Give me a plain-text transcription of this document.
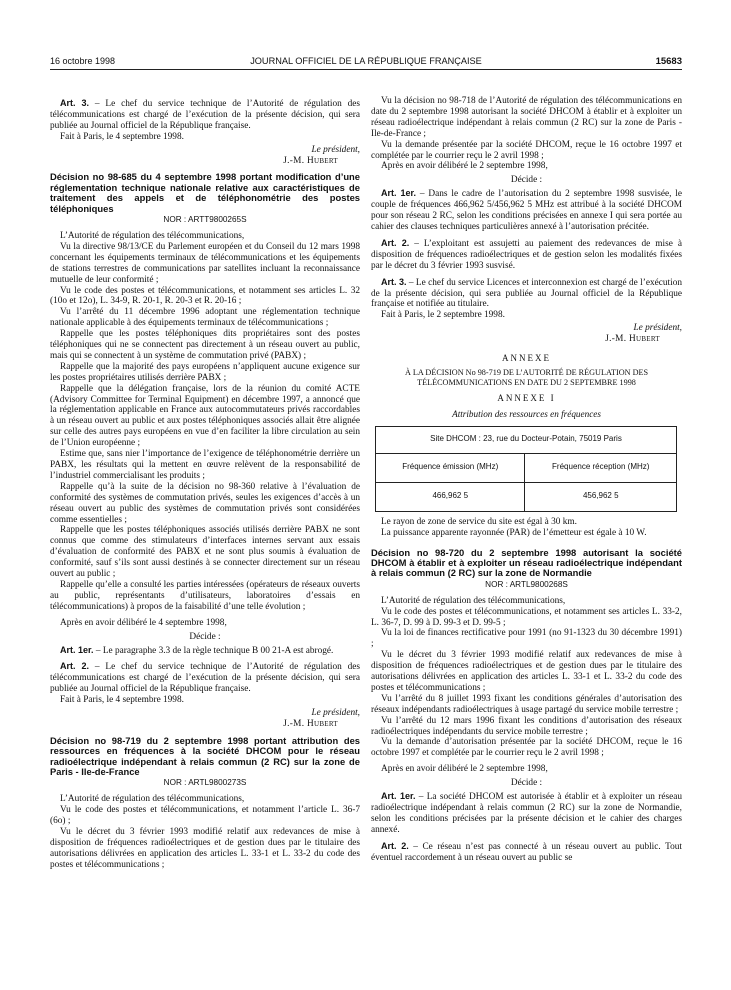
16 octobre 1998	JOURNAL OFFICIEL DE LA RÉPUBLIQUE FRANÇAISE	15683

Art. 3. – Le chef du service technique de l’Autorité de régulation des télécommunications est chargé de l’exécution de la présente décision, qui sera publiée au Journal officiel de la République française.

Fait à Paris, le 4 septembre 1998.

Le président,
J.-M. Hubert
Décision no 98-685 du 4 septembre 1998 portant modification d’une réglementation technique nationale relative aux caractéristiques de traitement des appels et de téléphonométrie des postes téléphoniques
NOR : ARTT9800265S

L’Autorité de régulation des télécommunications,

Vu la directive 98/13/CE du Parlement européen et du Conseil du 12 mars 1998 concernant les équipements terminaux de télécommunications et les équipements de stations terrestres de communications par satellites incluant la reconnaissance mutuelle de leur conformité ;

Vu le code des postes et télécommunications, et notamment ses articles L. 32 (10o et 12o), L. 34-9, R. 20-1, R. 20-3 et R. 20-16 ;

Vu l’arrêté du 11 décembre 1996 adoptant une réglementation technique nationale applicable à des équipements terminaux de télécommunications ;

Rappelle que les postes téléphoniques dits propriétaires sont des postes téléphoniques qui ne se connectent pas directement à un réseau ouvert au public, mais qui se connectent à un système de commutation privé (PABX) ;

Rappelle que la majorité des pays européens n’appliquent aucune exigence sur les postes propriétaires utilisés derrière PABX ;

Rappelle que la délégation française, lors de la réunion du comité ACTE (Advisory Committee for Terminal Equipment) en décembre 1997, a annoncé que la réglementation applicable en France aux autocommutateurs privés raccordables à un réseau ouvert au public et aux postes téléphoniques associés allait être alignée sur celle des autres pays européens en vue d’en faciliter la libre circulation au sein de l’Union européenne ;

Estime que, sans nier l’importance de l’exigence de téléphonométrie derrière un PABX, les résultats qui la mettent en œuvre relèvent de la responsabilité de l’industriel commercialisant les produits ;

Rappelle qu’à la suite de la décision no 98-360 relative à l’évaluation de conformité des systèmes de commutation privés, seules les exigences d’accès à un réseau ouvert au public des systèmes de commutation privés sont considérées comme essentielles ;

Rappelle que les postes téléphoniques associés utilisés derrière PABX ne sont connus que comme des stimulateurs d’interfaces internes servant aux essais d’évaluation de conformité des PABX et ne sont plus soumis à évaluation de conformité, sauf s’ils sont aussi destinés à se connecter directement sur un réseau ouvert au public ;

Rappelle qu’elle a consulté les parties intéressées (opérateurs de réseaux ouverts au public, représentants d’utilisateurs, laboratoires d’essais en télécommunications) à propos de la faisabilité d’une telle évolution ;

Après en avoir délibéré le 4 septembre 1998,

Décide :

Art. 1er. – Le paragraphe 3.3 de la règle technique B 00 21-A est abrogé.

Art. 2. – Le chef du service technique de l’Autorité de régulation des télécommunications est chargé de l’exécution de la présente décision, qui sera publiée au Journal officiel de la République française.

Fait à Paris, le 4 septembre 1998.

Le président,
J.-M. Hubert
Décision no 98-719 du 2 septembre 1998 portant attribution des ressources en fréquences à la société DHCOM pour le réseau radioélectrique indépendant à relais commun (2 RC) sur la zone de Paris - Ile-de-France
NOR : ARTL9800273S

L’Autorité de régulation des télécommunications,

Vu le code des postes et télécommunications, et notamment l’article L. 36-7 (6o) ;

Vu le décret du 3 février 1993 modifié relatif aux redevances de mise à disposition de fréquences radioélectriques et de gestion dues par le titulaire des autorisations délivrées en application des articles L. 33-1 et L. 33-2 du code des postes et télécommunications ;

Vu la décision no 98-718 de l’Autorité de régulation des télécommunications en date du 2 septembre 1998 autorisant la société DHCOM à établir et à exploiter un réseau radioélectrique indépendant à relais commun (2 RC) sur la zone de Paris - Ile-de-France ;

Vu la demande présentée par la société DHCOM, reçue le 16 octobre 1997 et complétée par le courrier reçu le 2 avril 1998 ;

Après en avoir délibéré le 2 septembre 1998,

Décide :

Art. 1er. – Dans le cadre de l’autorisation du 2 septembre 1998 susvisée, le couple de fréquences 466,962 5/456,962 5 MHz est attribué à la société DHCOM pour son réseau 2 RC, selon les conditions précisées en annexe I qui sera portée au cahier des clauses techniques particulières annexé à l’autorisation précitée.

Art. 2. – L’exploitant est assujetti au paiement des redevances de mise à disposition de fréquences radioélectriques et de gestion selon les modalités fixées par le décret du 3 février 1993 susvisé.

Art. 3. – Le chef du service Licences et interconnexion est chargé de l’exécution de la présente décision, qui sera publiée au Journal officiel de la République française et notifiée au titulaire.

Fait à Paris, le 2 septembre 1998.

Le président,
J.-M. Hubert
ANNEXE
À LA DÉCISION No 98-719 DE L’AUTORITÉ DE RÉGULATION DES TÉLÉCOMMUNICATIONS EN DATE DU 2 SEPTEMBRE 1998
ANNEXE I
Attribution des ressources en fréquences
Site DHCOM : 23, rue du Docteur-Potain, 75019 Paris	
Fréquence émission (MHz)	Fréquence réception (MHz)
466,962 5	456,962 5

Le rayon de zone de service du site est égal à 30 km.

La puissance apparente rayonnée (PAR) de l’émetteur est égale à 10 W.

Décision no 98-720 du 2 septembre 1998 autorisant la société DHCOM à établir et à exploiter un réseau radioélectrique indépendant à relais commun (2 RC) sur la zone de Normandie
NOR : ARTL9800268S

L’Autorité de régulation des télécommunications,

Vu le code des postes et télécommunications, et notamment ses articles L. 33-2, L. 36-7, D. 99 à D. 99-3 et D. 99-5 ;

Vu la loi de finances rectificative pour 1991 (no 91-1323 du 30 décembre 1991) ;

Vu le décret du 3 février 1993 modifié relatif aux redevances de mise à disposition de fréquences radioélectriques et de gestion dues par le titulaire des autorisations délivrées en application des articles L. 33-1 et L. 33-2 du code des postes et télécommunications ;

Vu l’arrêté du 8 juillet 1993 fixant les conditions générales d’autorisation des réseaux indépendants radioélectriques à usage partagé du service mobile terrestre ;

Vu l’arrêté du 12 mars 1996 fixant les conditions d’autorisation des réseaux radioélectriques indépendants du service mobile terrestre ;

Vu la demande d’autorisation présentée par la société DHCOM, reçue le 16 octobre 1997 et complétée par le courrier reçu le 2 avril 1998 ;

Après en avoir délibéré le 2 septembre 1998,

Décide :

Art. 1er. – La société DHCOM est autorisée à établir et à exploiter un réseau radioélectrique indépendant à relais commun (2 RC) sur la zone de Normandie, selon les conditions précisées par la présente décision et le cahier des charges annexé.

Art. 2. – Ce réseau n’est pas connecté à un réseau ouvert au public. Tout éventuel raccordement à un réseau ouvert au public se
